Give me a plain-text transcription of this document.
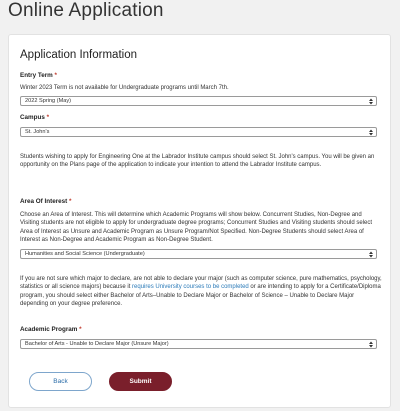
Online Application
Application Information
Entry Term *
Winter 2023 Term is not available for Undergraduate programs until March 7th.
2022 Spring (May)
Campus *
St. John's
Students wishing to apply for Engineering One at the Labrador Institute campus should select St. John's campus. You will be given an opportunity on the Plans page of the application to indicate your intention to attend the Labrador Institute campus.
Area Of Interest *
Choose an Area of Interest. This will determine which Academic Programs will show below. Concurrent Studies, Non-Degree and Visiting students are not eligible to apply for undergraduate degree programs; Concurrent Studies and Visiting students should select Area of Interest as Unsure and Academic Program as Unsure Program/Not Specified. Non-Degree Students should select Area of Interest as Non-Degree and Academic Program as Non-Degree Student.
Humanities and Social Science (Undergraduate)
If you are not sure which major to declare, are not able to declare your major (such as computer science, pure mathematics, psychology, statistics or all science majors) because it requires University courses to be completed or are intending to apply for a Certificate/Diploma program, you should select either Bachelor of Arts–Unable to Declare Major or Bachelor of Science – Unable to Declare Major depending on your degree preference.
Academic Program *
Bachelor of Arts - Unable to Declare Major (Unsure Major)
Back	Submit
